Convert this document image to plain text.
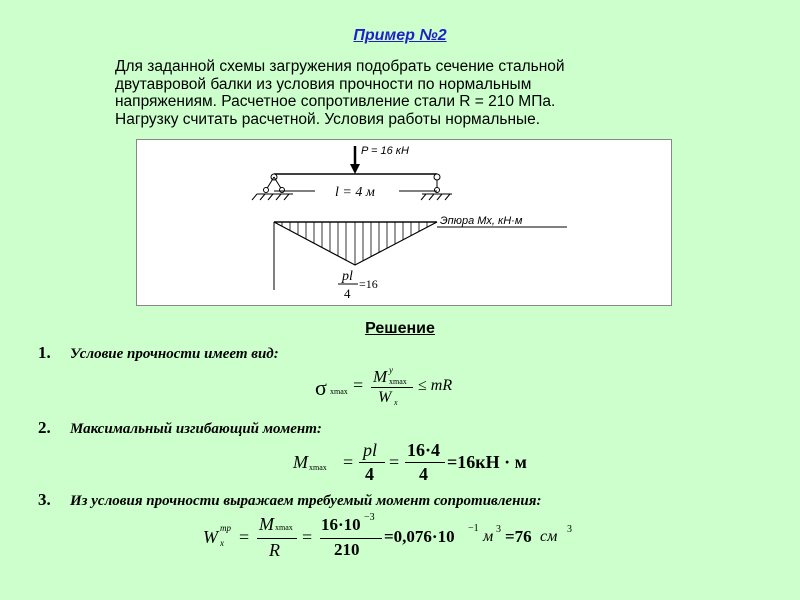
Пример №2
Для заданной схемы загружения подобрать сечение стальной
двутавровой балки из условия прочности по нормальным
напряжениям. Расчетное сопротивление стали R = 210 МПа.
Нагрузку считать расчетной. Условия работы нормальные.
P = 16 кН
l = 4 м
Эпюра Mx, кН·м
pl
4
=16
Решение
1. Условие прочности имеет вид:
σ xmax = M y
xmax
W x
≤ mR
2. Максимальный изгибающий момент:
M xmax =
pl
4
=
16·4
4
=16кН · м
3. Из условия прочности выражаем требуемый момент сопротивления:
W тр
x =
M xmax
R
=
16·10 −3
210
=0,076·10 −1 м 3 =76 см 3
